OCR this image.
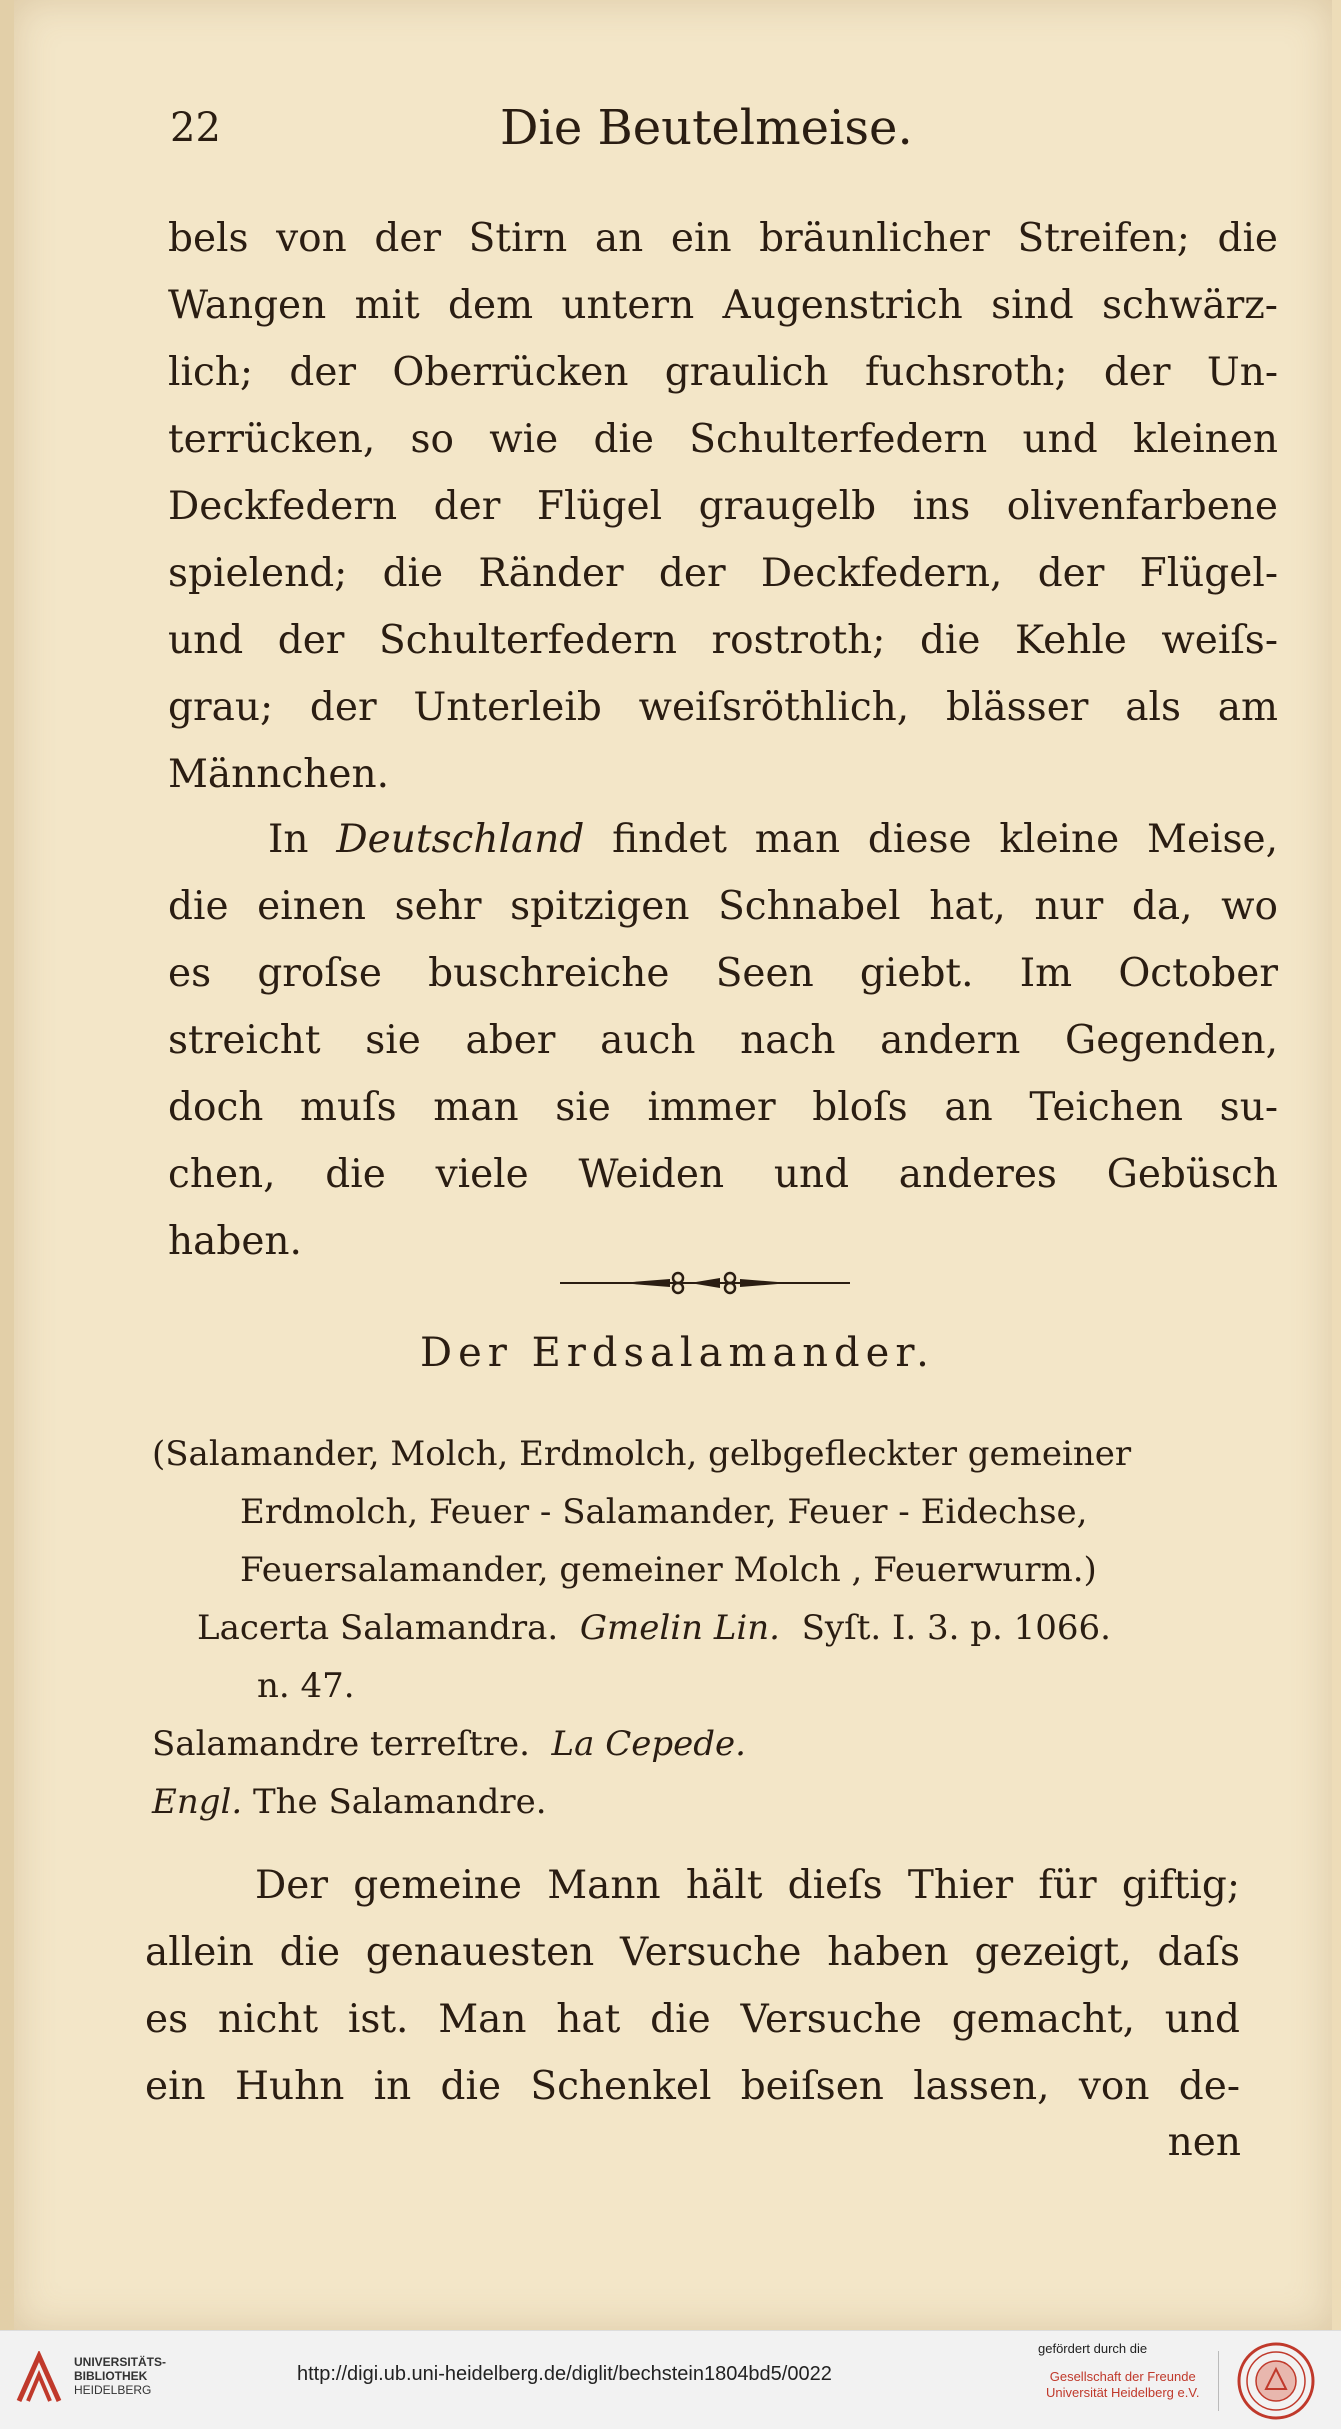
22	Die Beutelmeise.
bels von der Stirn an ein bräunlicher Streifen; die
Wangen mit dem untern Augenstrich sind schwärz-
lich; der Oberrücken graulich fuchsroth; der Un-
terrücken, so wie die Schulterfedern und kleinen
Deckfedern der Flügel graugelb ins olivenfarbene
spielend; die Ränder der Deckfedern, der Flügel-
und der Schulterfedern rostroth; die Kehle weiſs-
grau; der Unterleib weiſsröthlich, blässer als am
Männchen.
In Deutschland findet man diese kleine Meise,
die einen sehr spitzigen Schnabel hat, nur da, wo
es groſse buschreiche Seen giebt. Im October
streicht sie aber auch nach andern Gegenden,
doch muſs man sie immer bloſs an Teichen su-
chen, die viele Weiden und anderes Gebüsch
haben.
Der Erdsalamander.
(Salamander, Molch, Erdmolch, gelbgefleckter gemeiner
Erdmolch, Feuer - Salamander, Feuer - Eidechse,
Feuersalamander, gemeiner Molch , Feuerwurm.)
Lacerta Salamandra. Gmelin Lin. Syſt. I. 3. p. 1066.
n. 47.
Salamandre terreſtre. La Cepede.
Engl. The Salamandre.
Der gemeine Mann hält dieſs Thier für giftig;
allein die genauesten Versuche haben gezeigt, daſs
es nicht ist. Man hat die Versuche gemacht, und
ein Huhn in die Schenkel beiſsen lassen, von de-
nen
UNIVERSITÄTS-
BIBLIOTHEK
HEIDELBERG
http://digi.ub.uni-heidelberg.de/diglit/bechstein1804bd5/0022
gefördert durch die
Gesellschaft der Freunde
Universität Heidelberg e.V.
